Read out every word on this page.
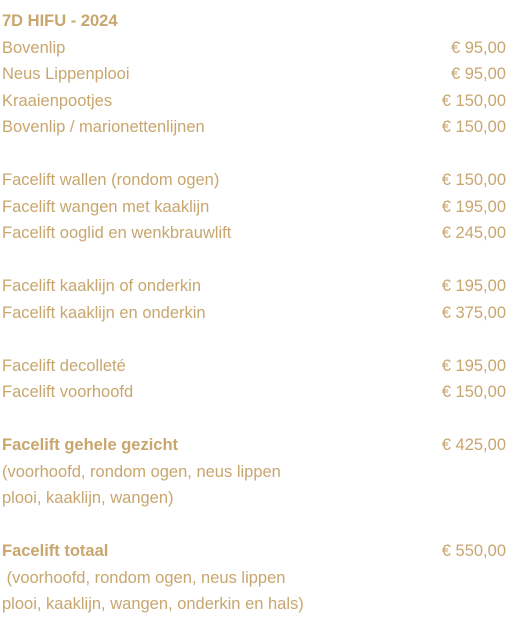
7D HIFU - 2024
Bovenlip	€ 95,00
Neus Lippenplooi	€ 95,00
Kraaienpootjes	€ 150,00
Bovenlip / marionettenlijnen	€ 150,00
Facelift wallen (rondom ogen)	€ 150,00
Facelift wangen met kaaklijn	€ 195,00
Facelift ooglid en wenkbrauwlift	€ 245,00
Facelift kaaklijn of onderkin	€ 195,00
Facelift kaaklijn en onderkin	€ 375,00
Facelift decolleté	€ 195,00
Facelift voorhoofd	€ 150,00
Facelift gehele gezicht	€ 425,00
(voorhoofd, rondom ogen, neus lippen
plooi, kaaklijn, wangen)
Facelift totaal	€ 550,00
(voorhoofd, rondom ogen, neus lippen
plooi, kaaklijn, wangen, onderkin en hals)
